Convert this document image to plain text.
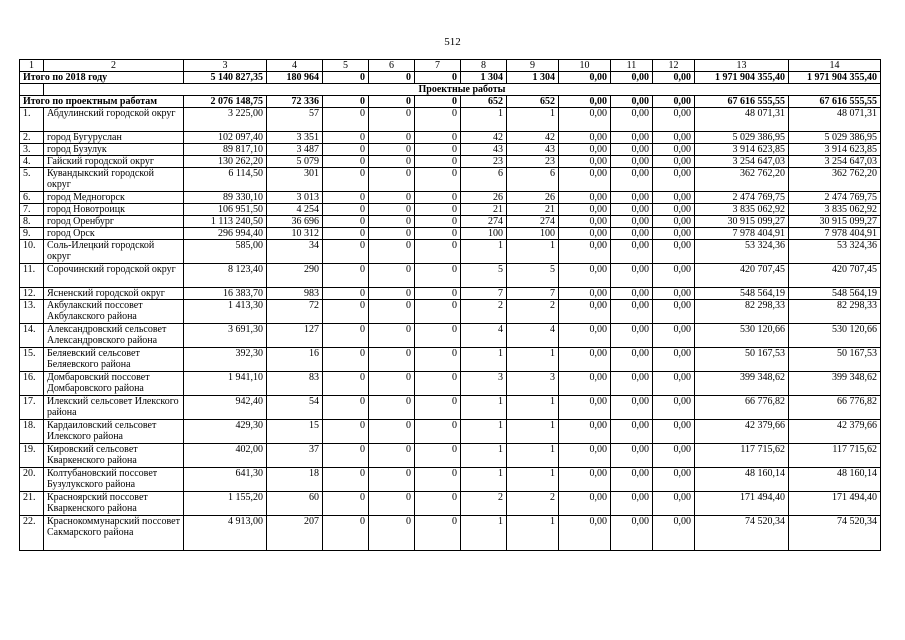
512
1	2	3	4	5	6	7	8	9	10	11	12	13	14
Итого по 2018 году		5 140 827,35	180 964	0	0	0	1 304	1 304	0,00	0,00	0,00	1 971 904 355,40	1 971 904 355,40
	Проектные работы												
Итого по проектным работам		2 076 148,75	72 336	0	0	0	652	652	0,00	0,00	0,00	67 616 555,55	67 616 555,55
1.	Абдулинский городской округ	3 225,00	57	0	0	0	1	1	0,00	0,00	0,00	48 071,31	48 071,31
2.	город Бугуруслан	102 097,40	3 351	0	0	0	42	42	0,00	0,00	0,00	5 029 386,95	5 029 386,95
3.	город Бузулук	89 817,10	3 487	0	0	0	43	43	0,00	0,00	0,00	3 914 623,85	3 914 623,85
4.	Гайский городской округ	130 262,20	5 079	0	0	0	23	23	0,00	0,00	0,00	3 254 647,03	3 254 647,03
5.	Кувандыкский городской округ	6 114,50	301	0	0	0	6	6	0,00	0,00	0,00	362 762,20	362 762,20
6.	город Медногорск	89 330,10	3 013	0	0	0	26	26	0,00	0,00	0,00	2 474 769,75	2 474 769,75
7.	город Новотроицк	106 951,50	4 254	0	0	0	21	21	0,00	0,00	0,00	3 835 062,92	3 835 062,92
8.	город Оренбург	1 113 240,50	36 696	0	0	0	274	274	0,00	0,00	0,00	30 915 099,27	30 915 099,27
9.	город Орск	296 994,40	10 312	0	0	0	100	100	0,00	0,00	0,00	7 978 404,91	7 978 404,91
10.	Соль-Илецкий городской округ	585,00	34	0	0	0	1	1	0,00	0,00	0,00	53 324,36	53 324,36
11.	Сорочинский городской округ	8 123,40	290	0	0	0	5	5	0,00	0,00	0,00	420 707,45	420 707,45
12.	Ясненский городской округ	16 383,70	983	0	0	0	7	7	0,00	0,00	0,00	548 564,19	548 564,19
13.	Акбулакский поссовет Акбулакского района	1 413,30	72	0	0	0	2	2	0,00	0,00	0,00	82 298,33	82 298,33
14.	Александровский сельсовет Александровского района	3 691,30	127	0	0	0	4	4	0,00	0,00	0,00	530 120,66	530 120,66
15.	Беляевский сельсовет Беляевского района	392,30	16	0	0	0	1	1	0,00	0,00	0,00	50 167,53	50 167,53
16.	Домбаровский поссовет Домбаровского района	1 941,10	83	0	0	0	3	3	0,00	0,00	0,00	399 348,62	399 348,62
17.	Илекский сельсовет Илекского района	942,40	54	0	0	0	1	1	0,00	0,00	0,00	66 776,82	66 776,82
18.	Кардаиловский сельсовет Илекского района	429,30	15	0	0	0	1	1	0,00	0,00	0,00	42 379,66	42 379,66
19.	Кировский сельсовет Кваркенского района	402,00	37	0	0	0	1	1	0,00	0,00	0,00	117 715,62	117 715,62
20.	Колтубановский поссовет Бузулукского района	641,30	18	0	0	0	1	1	0,00	0,00	0,00	48 160,14	48 160,14
21.	Красноярский поссовет Кваркенского района	1 155,20	60	0	0	0	2	2	0,00	0,00	0,00	171 494,40	171 494,40
22.	Краснокоммунарский поссовет Сакмарского района	4 913,00	207	0	0	0	1	1	0,00	0,00	0,00	74 520,34	74 520,34
